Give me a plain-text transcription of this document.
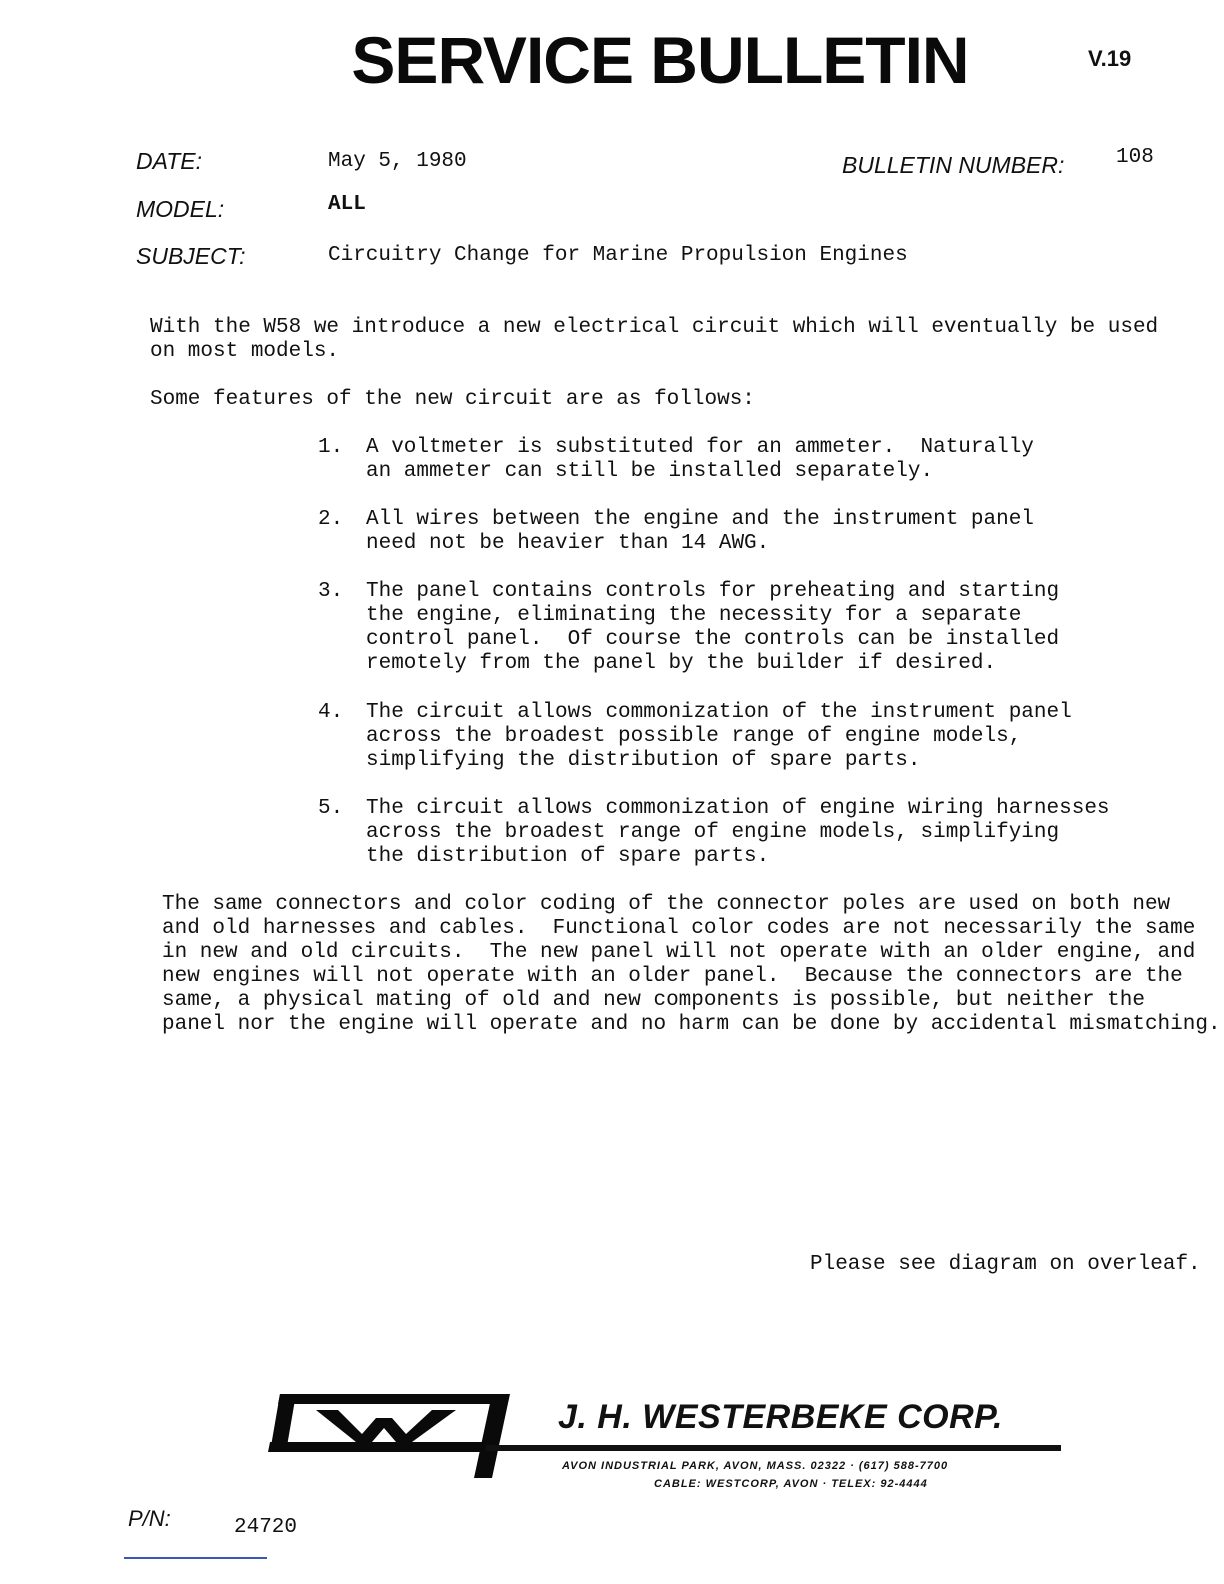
SERVICE BULLETIN	V.19
DATE:	May 5, 1980	BULLETIN NUMBER: 108
MODEL:	ALL
SUBJECT:	Circuitry Change for Marine Propulsion Engines

With the W58 we introduce a new electrical circuit which will eventually be used

on most models.

Some features of the new circuit are as follows:

1. A voltmeter is substituted for an ammeter.  Naturally

an ammeter can still be installed separately.

2. All wires between the engine and the instrument panel

need not be heavier than 14 AWG.

3. The panel contains controls for preheating and starting

the engine, eliminating the necessity for a separate

control panel.  Of course the controls can be installed

remotely from the panel by the builder if desired.

4. The circuit allows commonization of the instrument panel

across the broadest possible range of engine models,

simplifying the distribution of spare parts.

5. The circuit allows commonization of engine wiring harnesses

across the broadest range of engine models, simplifying

the distribution of spare parts.

The same connectors and color coding of the connector poles are used on both new

and old harnesses and cables.  Functional color codes are not necessarily the same

in new and old circuits.  The new panel will not operate with an older engine, and

new engines will not operate with an older panel.  Because the connectors are the

same, a physical mating of old and new components is possible, but neither the

panel nor the engine will operate and no harm can be done by accidental mismatching.

Please see diagram on overleaf.

J. H. WESTERBEKE CORP.
AVON INDUSTRIAL PARK, AVON, MASS. 02322 · (617) 588-7700
CABLE: WESTCORP, AVON · TELEX: 92-4444
P/N:	24720
